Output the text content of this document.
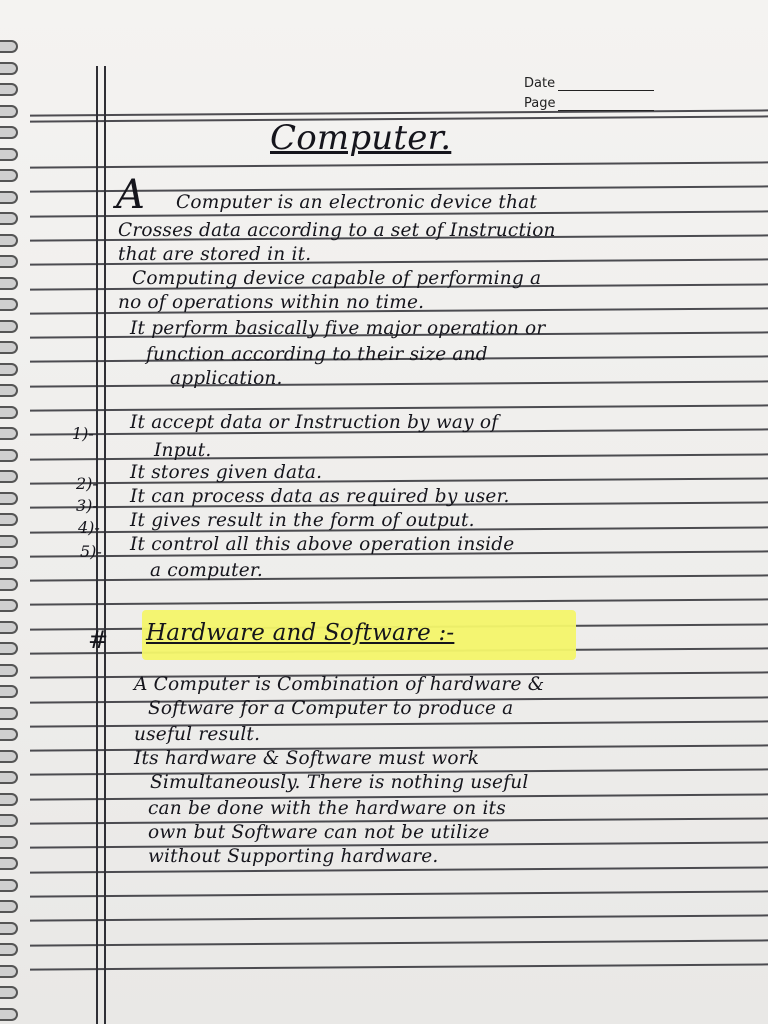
Date
Page
Computer.
A Computer is an electronic device that
Crosses data according to a set of Instruction
that are stored in it.
Computing device capable of performing a
no of operations within no time.
It perform basically five major operation or
function according to their size and
application.
1)-
It accept data or Instruction by way of
Input.
2)-
It stores given data.
3)- It can process data as required by user.
4)- It gives result in the form of output.
5)- It control all this above operation inside
a computer.
# Hardware and Software :-
A Computer is Combination of hardware &
Software for a Computer to produce a
useful result.
Its hardware & Software must work
Simultaneously. There is nothing useful
can be done with the hardware on its
own but Software can not be utilize
without Supporting hardware.
